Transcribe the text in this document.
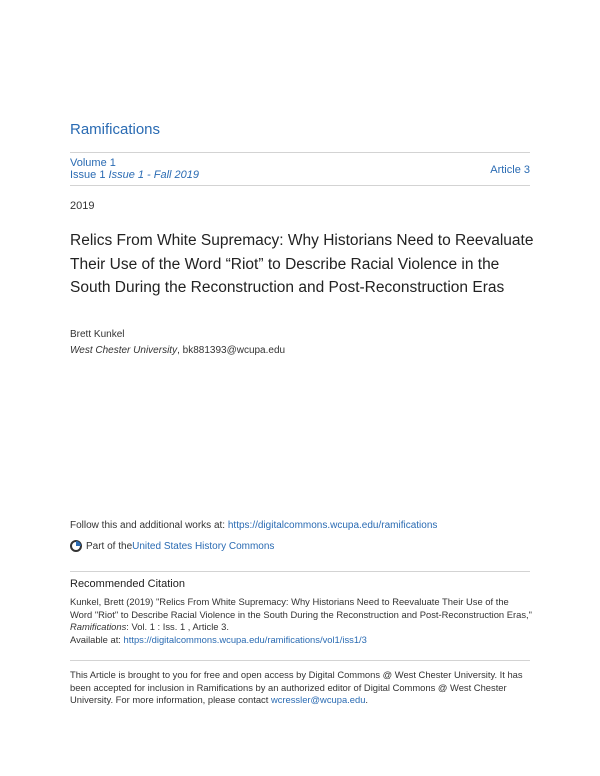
Ramifications
Volume 1
Issue 1 Issue 1 - Fall 2019	Article 3
2019
Relics From White Supremacy: Why Historians Need to Reevaluate Their Use of the Word “Riot” to Describe Racial Violence in the South During the Reconstruction and Post-Reconstruction Eras
Brett Kunkel
West Chester University, bk881393@wcupa.edu
Follow this and additional works at: https://digitalcommons.wcupa.edu/ramifications
Part of the United States History Commons
Recommended Citation
Kunkel, Brett (2019) "Relics From White Supremacy: Why Historians Need to Reevaluate Their Use of the Word "Riot" to Describe Racial Violence in the South During the Reconstruction and Post-Reconstruction Eras," Ramifications: Vol. 1 : Iss. 1 , Article 3.
Available at: https://digitalcommons.wcupa.edu/ramifications/vol1/iss1/3
This Article is brought to you for free and open access by Digital Commons @ West Chester University. It has been accepted for inclusion in Ramifications by an authorized editor of Digital Commons @ West Chester University. For more information, please contact wcressler@wcupa.edu.
